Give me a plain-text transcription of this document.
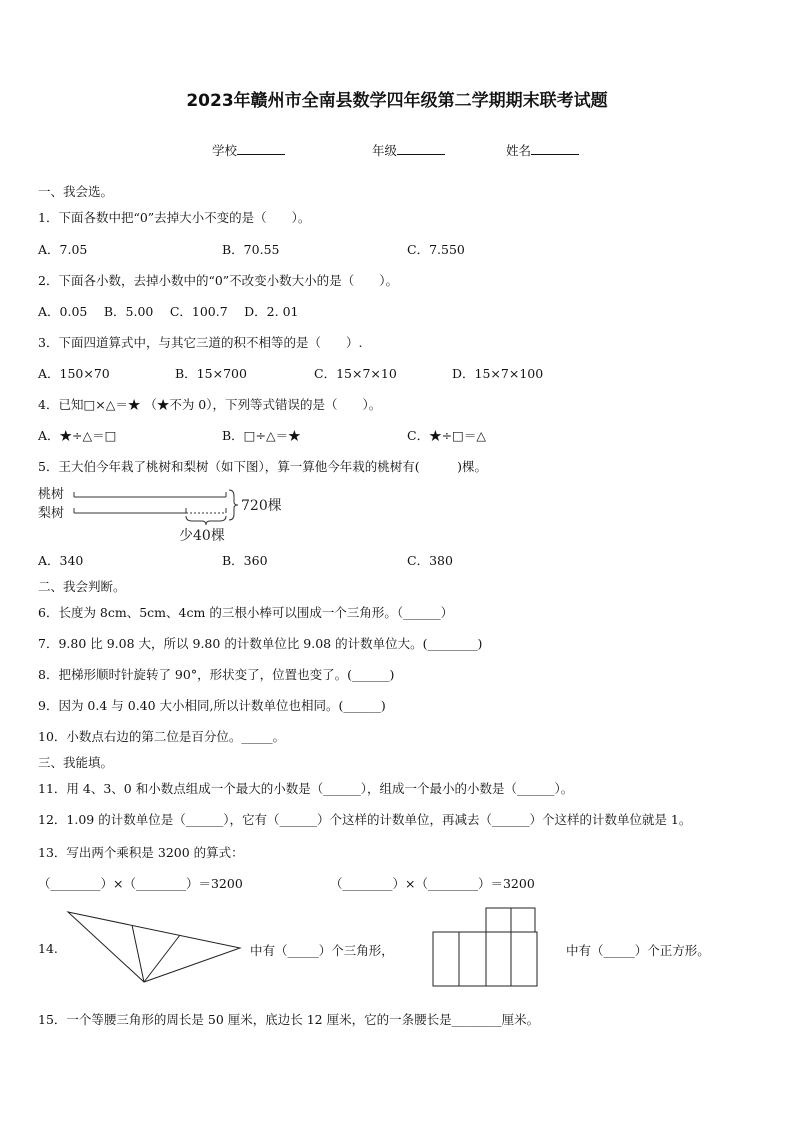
2023年赣州市全南县数学四年级第二学期期末联考试题
学校	年级	姓名
一、我会选。
1．下面各数中把“0”去掉大小不变的是（　　）。
A．7.05	B．70.55	C．7.550
2．下面各小数，去掉小数中的“0”不改变小数大小的是（　　）。
A．0.05　 B．5.00　 C．100.7　 D．2. 01
3．下面四道算式中，与其它三道的积不相等的是（　　）.
A．150×70	B．15×700	C．15×7×10	D．15×7×100
4．已知□×△＝★ （★不为 0），下列等式错误的是（　　）。
A．★÷△＝□	B．□÷△＝★	C．★÷□＝△
5．王大伯今年栽了桃树和梨树（如下图），算一算他今年栽的桃树有(　　　)棵。
桃树
梨树	720棵
少40棵
A．340	B．360	C．380
二、我会判断。
6．长度为 8cm、5cm、4cm 的三根小棒可以围成一个三角形。（______）
7．9.80 比 9.08 大，所以 9.80 的计数单位比 9.08 的计数单位大。(________)
8．把梯形顺时针旋转了 90°，形状变了，位置也变了。(______)
9．因为 0.4 与 0.40 大小相同,所以计数单位也相同。(______)
10．小数点右边的第二位是百分位。_____。
三、我能填。
11．用 4、3、0 和小数点组成一个最大的小数是（______），组成一个最小的小数是（______）。
12．1.09 的计数单位是（______），它有（______）个这样的计数单位，再减去（______）个这样的计数单位就是 1。
13．写出两个乘积是 3200 的算式：
（________）×（________）＝3200	（________）×（________）＝3200
14.	中有（_____）个三角形，	中有（_____）个正方形。
15．一个等腰三角形的周长是 50 厘米，底边长 12 厘米，它的一条腰长是________厘米。
